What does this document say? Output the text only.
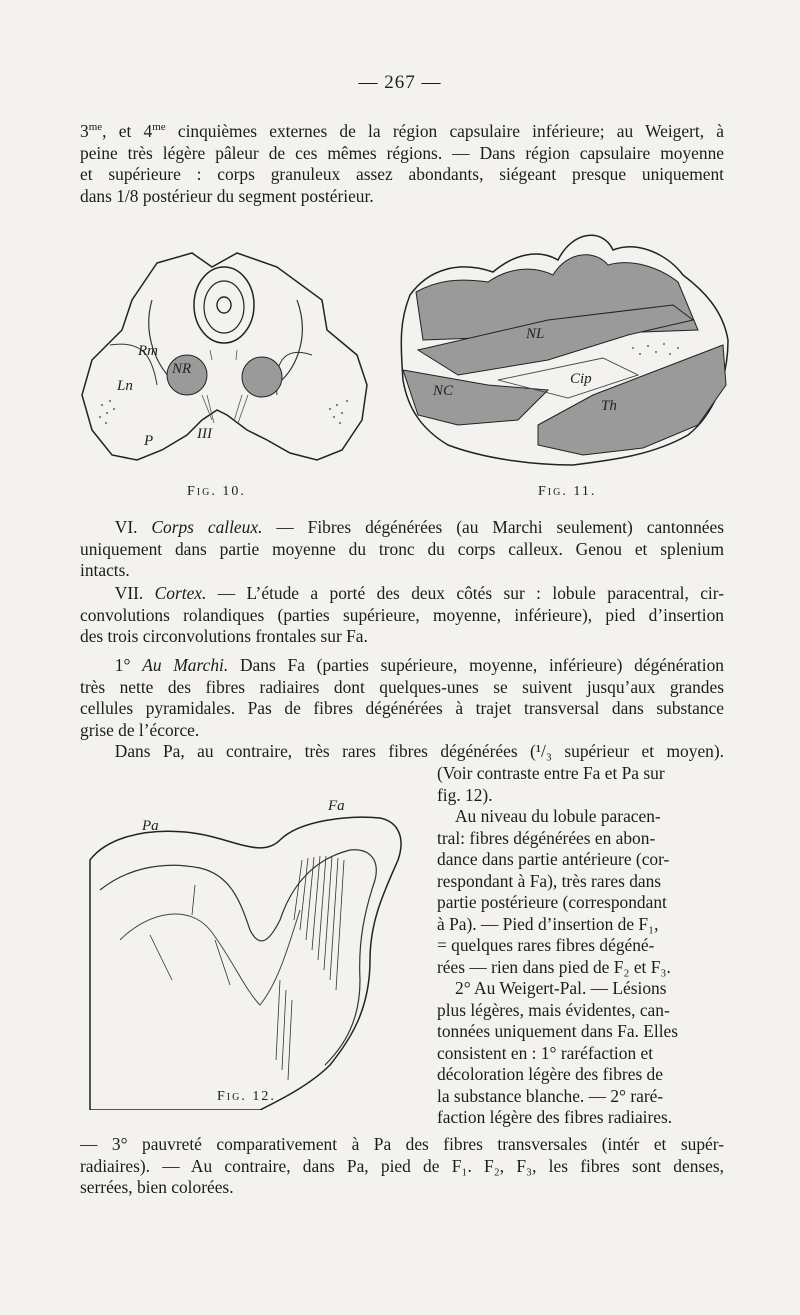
— 267 —
$3^{me}$, et $4^{me}$ cinquièmes externes de la région capsulaire inférieure; au Weigert, à
peine très légère pâleur de ces mêmes régions. — Dans région capsulaire moyenne
et supérieure : corps granuleux assez abondants, siégeant presque uniquement
dans 1/8 postérieur du segment postérieur.
Rm
NR
Ln
P	III
Fig. 10.
NL
NC
Cip
Th
Fig. 11.
  VI. Corps calleux. — Fibres dégénérées (au Marchi seulement) cantonnées
uniquement dans partie moyenne du tronc du corps calleux. Genou et splenium
intacts.
  VII. Cortex. — L’étude a porté des deux côtés sur : lobule paracentral, cir-
convolutions rolandiques (parties supérieure, moyenne, inférieure), pied d’insertion
des trois circonvolutions frontales sur Fa.
  1° Au Marchi. Dans Fa (parties supérieure, moyenne, inférieure) dégénération
très nette des fibres radiaires dont quelques-unes se suivent jusqu’aux grandes
cellules pyramidales. Pas de fibres dégénérées à trajet transversal dans substance
grise de l’écorce.
  Dans Pa, au contraire, très rares fibres dégénérées (¹/₃ supérieur et moyen).
Pa
Fa
Fig. 12.
(Voir contraste entre Fa et Pa sur
fig. 12).
Au niveau du lobule paracen-
tral: fibres dégénérées en abon-
dance dans partie antérieure (cor-
respondant à Fa), très rares dans
partie postérieure (correspondant
à Pa). — Pied d’insertion de F₁,
= quelques rares fibres dégéné-
rées — rien dans pied de F₂ et F₃.
2° Au Weigert-Pal. — Lésions
plus légères, mais évidentes, can-
tonnées uniquement dans Fa. Elles
consistent en : 1° raréfaction et
décoloration légère des fibres de
la substance blanche. — 2° raré-
faction légère des fibres radiaires.
— 3° pauvreté comparativement à Pa des fibres transversales (intér et supér-
radiaires). — Au contraire, dans Pa, pied de F₁. F₂, F₃, les fibres sont denses,
serrées, bien colorées.
